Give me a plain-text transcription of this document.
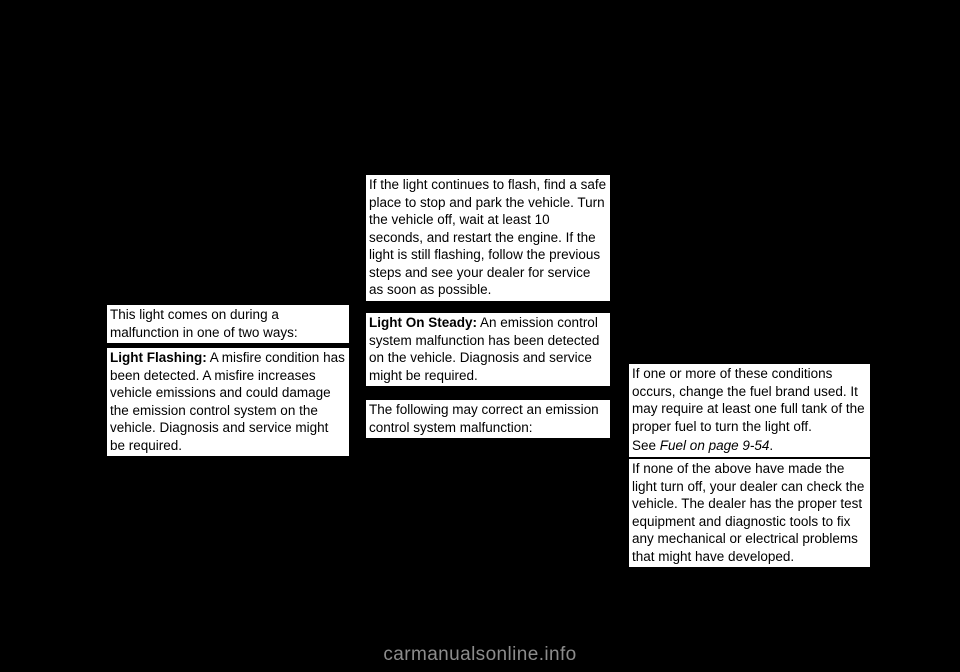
This light comes on during a malfunction in one of two ways:

Light Flashing: A misfire condition has been detected. A misfire increases vehicle emissions and could damage the emission control system on the vehicle. Diagnosis and service might be required.

If the light continues to flash, find a safe place to stop and park the vehicle. Turn the vehicle off, wait at least 10 seconds, and restart the engine. If the light is still flashing, follow the previous steps and see your dealer for service as soon as possible.

Light On Steady: An emission control system malfunction has been detected on the vehicle. Diagnosis and service might be required.

The following may correct an emission control system malfunction:

If one or more of these conditions occurs, change the fuel brand used. It may require at least one full tank of the proper fuel to turn the light off.

See Fuel on page 9-54.

If none of the above have made the light turn off, your dealer can check the vehicle. The dealer has the proper test equipment and diagnostic tools to fix any mechanical or electrical problems that might have developed.

carmanualsonline.info
